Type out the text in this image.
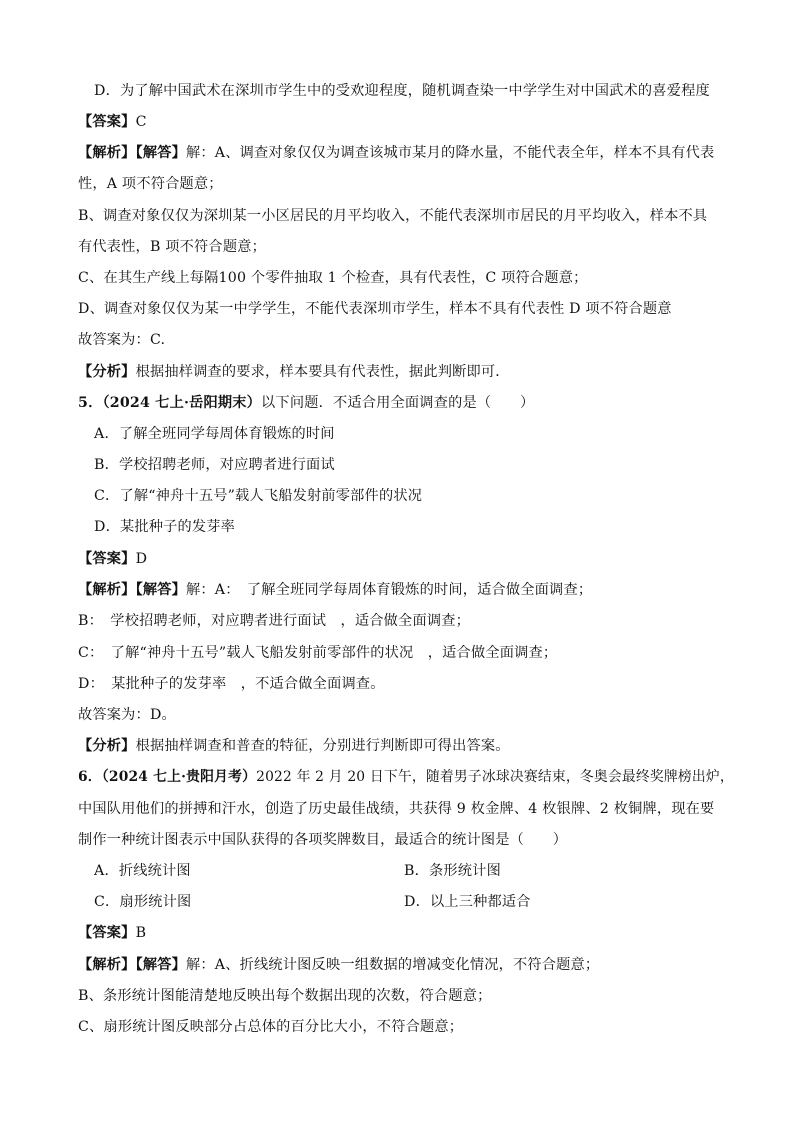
D．为了解中国武术在深圳市学生中的受欢迎程度，随机调查染一中学学生对中国武术的喜爱程度
【答案】C
【解析】【解答】解：A、调查对象仅仅为调查该城市某月的降水量，不能代表全年，样本不具有代表
性，A 项不符合题意；
B、调查对象仅仅为深圳某一小区居民的月平均收入，不能代表深圳市居民的月平均收入，样本不具
有代表性，B 项不符合题意；
C、在其生产线上每隔100 个零件抽取 1 个检查，具有代表性，C 项符合题意；
D、调查对象仅仅为某一中学学生，不能代表深圳市学生，样本不具有代表性 D 项不符合题意
故答案为：C.
【分析】根据抽样调查的要求，样本要具有代表性，据此判断即可．
5．（2024 七上·岳阳期末）以下问题．不适合用全面调查的是（　　）
A．了解全班同学每周体育锻炼的时间
B．学校招聘老师，对应聘者进行面试
C．了解“神舟十五号”载人飞船发射前零部件的状况
D．某批种子的发芽率
【答案】D
【解析】【解答】解：A：　了解全班同学每周体育锻炼的时间，适合做全面调查；
B：　学校招聘老师，对应聘者进行面试　，适合做全面调查；
C：　了解“神舟十五号”载人飞船发射前零部件的状况　，适合做全面调查；
D：　某批种子的发芽率　，不适合做全面调查。
故答案为：D。
【分析】根据抽样调查和普查的特征，分别进行判断即可得出答案。
6．（2024 七上·贵阳月考）2022 年 2 月 20 日下午，随着男子冰球决赛结束，冬奥会最终奖牌榜出炉，
中国队用他们的拼搏和汗水，创造了历史最佳战绩，共获得 9 枚金牌、4 枚银牌、2 枚铜牌，现在要
制作一种统计图表示中国队获得的各项奖牌数目，最适合的统计图是（　　）
A．折线统计图	B．条形统计图
C．扇形统计图	D．以上三种都适合
【答案】B
【解析】【解答】解：A、折线统计图反映一组数据的增减变化情况，不符合题意；
B、条形统计图能清楚地反映出每个数据出现的次数，符合题意；
C、扇形统计图反映部分占总体的百分比大小，不符合题意；
